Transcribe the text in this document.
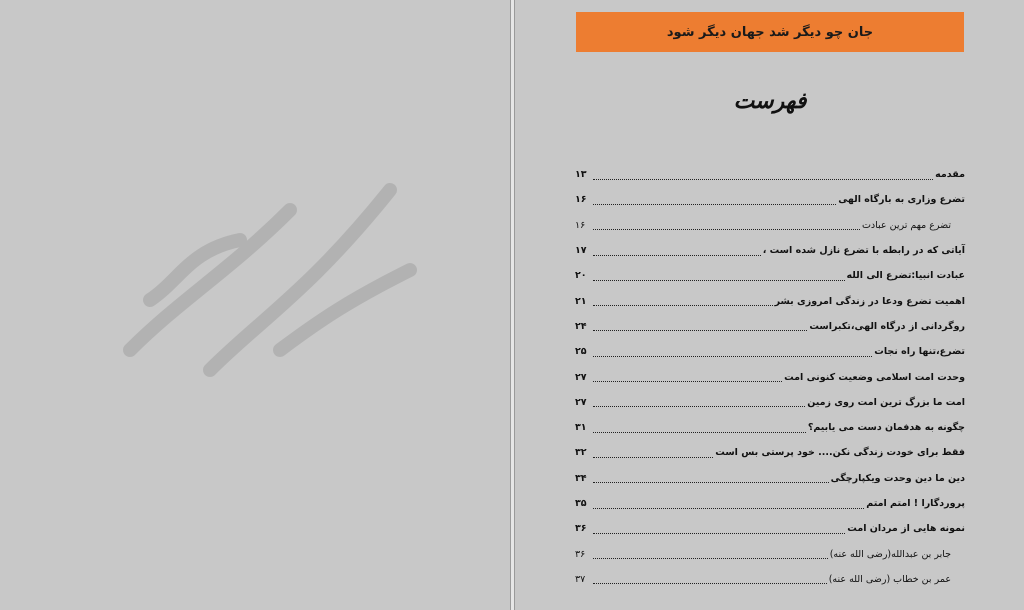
جان چو دیگر شد جهان دیگر شود
فهرست
مقدمه
۱۳
تضرع وزاری به بارگاه الهی
۱۶
تضرع مهم ترین عبادت
۱۶
آیاتی که در رابطه با تضرع نازل شده است ،
۱۷
عبادت انبیا:تضرع الی الله
۲۰
اهمیت تضرع ودعا در زندگی امروزی بشر
۲۱
روگردانی از درگاه الهی،تکبراست
۲۴
تضرع،تنها راه نجات
۲۵
وحدت امت اسلامی وضعیت کنونی امت
۲۷
امت ما بزرگ ترین امت روی زمین
۲۷
چگونه به هدفمان دست می یابیم؟
۳۱
فقط برای خودت زندگی نکن.... خود پرستی بس است
۳۲
دین ما دین وحدت ویکپارچگی
۳۴
پروردگارا ! امتم امتم
۳۵
نمونه هایی از مردان امت
۳۶
جابر بن عبدالله(رضی الله عنه)
۳۶
عمر بن خطاب (رضی الله عنه)
۳۷
